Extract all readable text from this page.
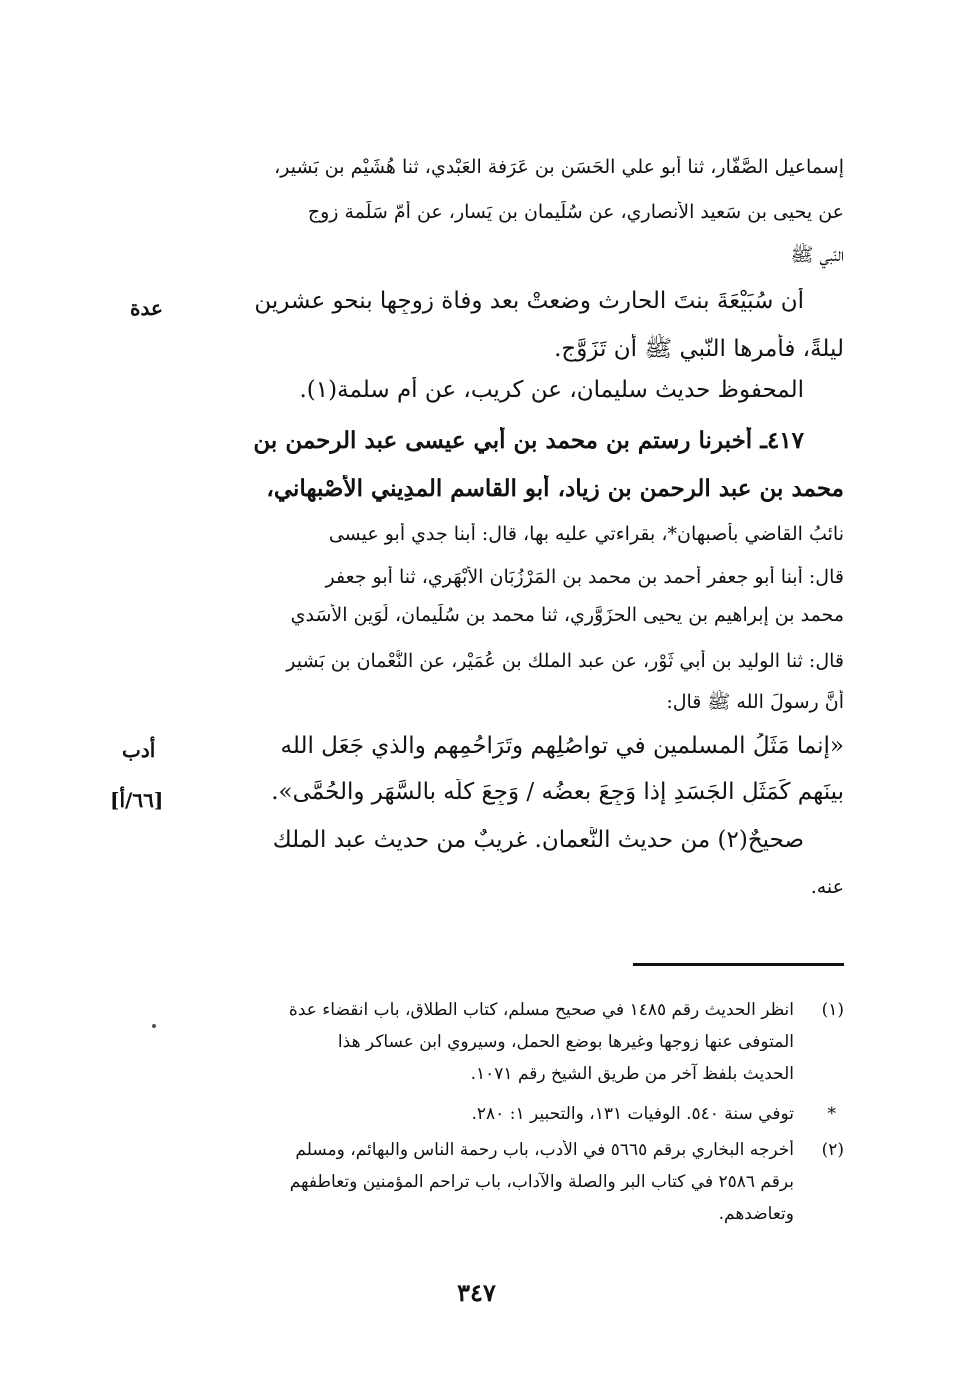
إسماعيل الصَّفَّار، ثنا أبو علي الحَسَن بن عَرَفة العَبْدي، ثنا هُشَيْم بن بَشير،
عن يحيى بن سَعيد الأنصاري، عن سُلَيمان بن يَسار، عن أمّ سَلَمة زوجِ
النّبي ﷺ
أن سُبَيْعَةَ بنتَ الحارث وضعتْ بعد وفاة زوجِها بنحوِ عشرين
ليلةً، فأمرها النّبي ﷺ أن تَزَوَّج.
المحفوظ حديث سليمان، عن كريب، عن أم سلمة(١).
٤١٧ـ أخبرنا رستم بن محمد بن أبي عيسى عبد الرحمن بن
محمد بن عبد الرحمن بن زياد، أبو القاسم المدِيني الأَصْبهاني،
نائبُ القاضي بأصبهان*، بقراءتي عليه بها، قال: أبنا جدي أبو عيسى
قال: أبنا أبو جعفر أحمد بن محمد بن المَرْزُبَان الأَبْهَري، ثنا أبو جعفر
محمد بن إبراهيم بن يحيى الحزَوَّري، ثنا محمد بن سُلَيمان، لُوَين الأَسَدي
قال: ثنا الوليد بن أبي ثَوْر، عن عبد الملك بن عُمَيْر، عن النُّعْمان بن بَشير
أنَّ رسولَ الله ﷺ قال:
«إنما مَثَلُ المسلمين في تواصُلِهم وتَرَاحُمِهم والذي جَعَل الله
بينَهم كَمَثَلِ الجَسَدِ إذا وَجِعَ بعضُه / وَجِعَ كلُّه بالسَّهَرِ والحُمَّى».
صحيحٌ(٢) من حديث النُّعمان. غريبٌ من حديث عبد الملك
عنه.
عدة
أدب
[٦٦/أ]
(١)
انظر الحديث رقم ١٤٨٥ في صحيح مسلم، كتاب الطلاق، باب انقضاء عدة
المتوفى عنها زوجها وغيرها بوضع الحمل، وسيروي ابن عساكر هذا
الحديث بلفظ آخر من طريق الشيخ رقم ١٠٧١.
*
توفي سنة ٥٤٠. الوفيات ١٣١، والتحبير ١: ٢٨٠.
(٢)
أخرجه البخاري برقم ٥٦٦٥ في الأدب، باب رحمة الناس والبهائم، ومسلم
برقم ٢٥٨٦ في كتاب البر والصلة والآداب، باب تراحم المؤمنين وتعاطفهم
وتعاضدهم.
٣٤٧
